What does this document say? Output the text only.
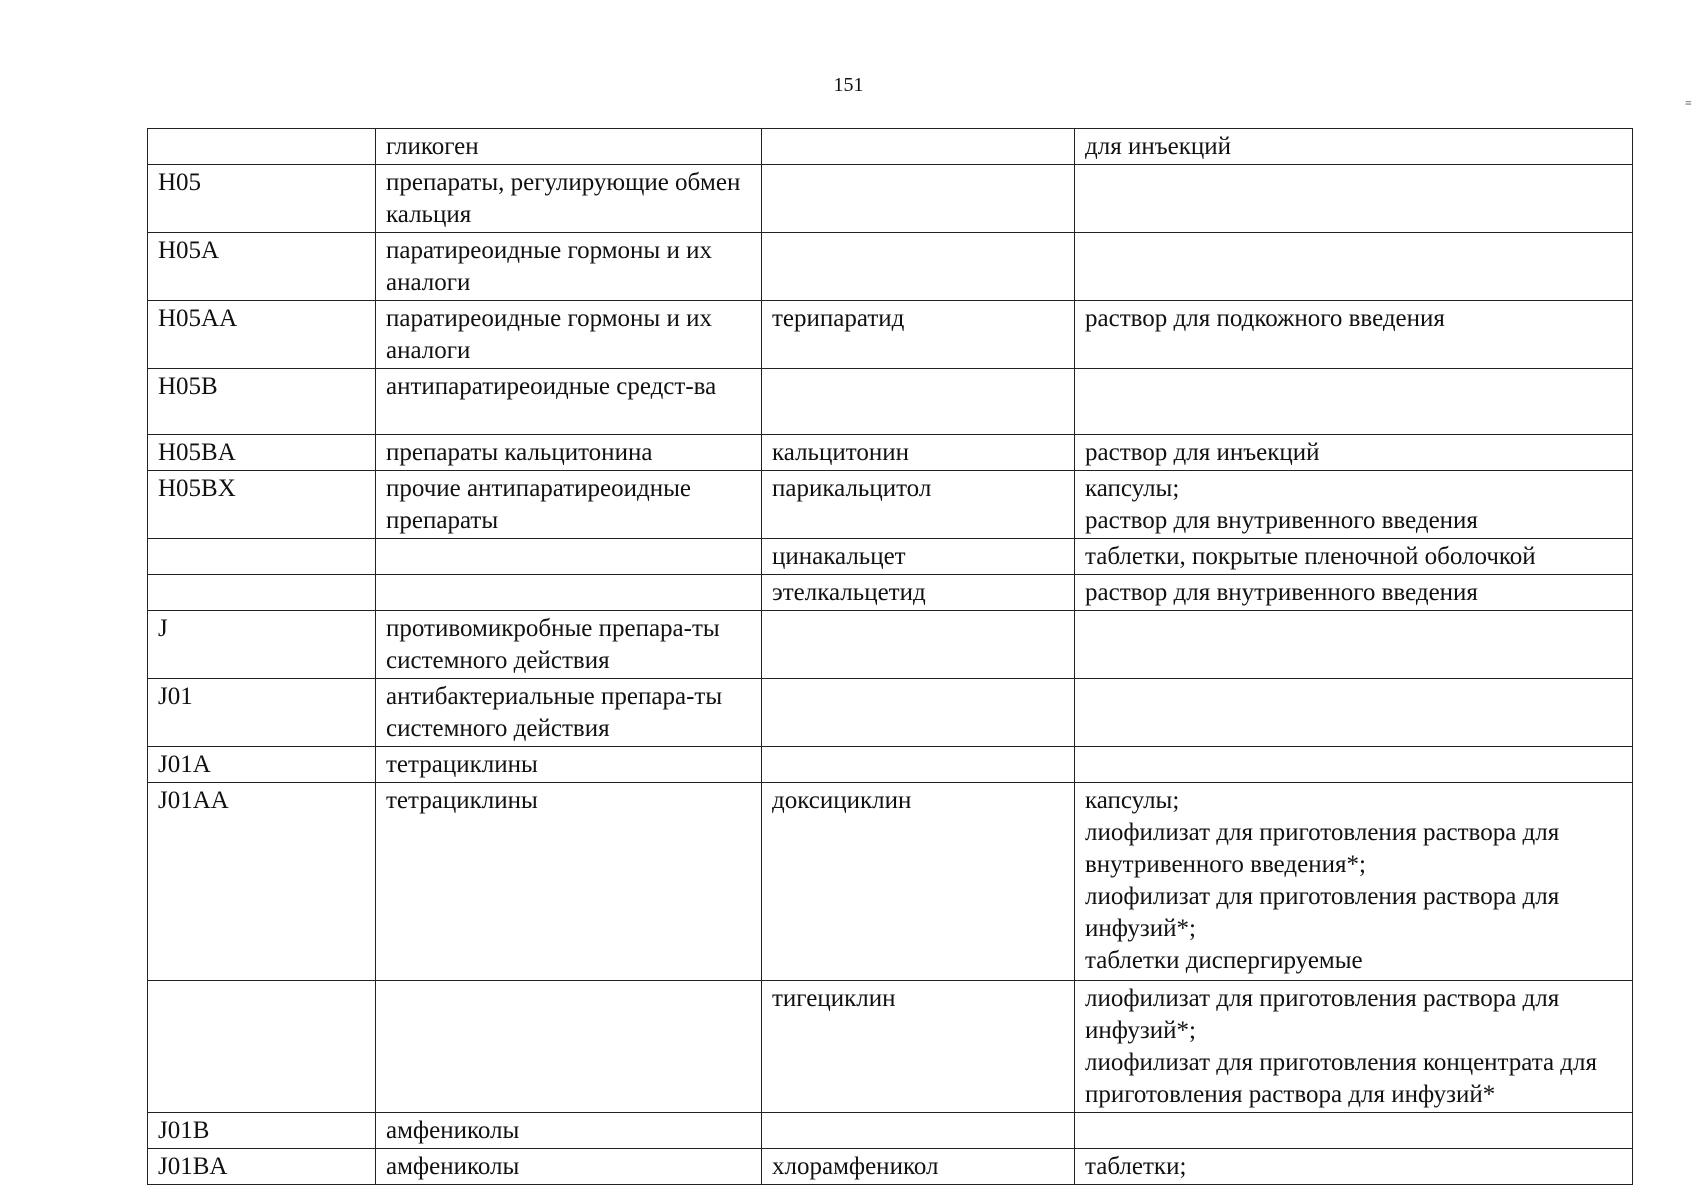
151
≡
	гликоген		для инъекций

H05	препараты, регулирующие обмен кальция		
H05A	паратиреоидные гормоны и их аналоги		
H05AA	паратиреоидные гормоны и их аналоги	терипаратид	раствор для подкожного введения

H05B	антипаратиреоидные средст-ва		
H05BA	препараты кальцитонина	кальцитонин	раствор для инъекций

H05BX	прочие антипаратиреоидные препараты	парикальцитол	капсулы;
раствор для внутривенного введения

		цинакальцет	таблетки, покрытые пленочной оболочкой

		этелкальцетид	раствор для внутривенного введения

J	противомикробные препара-ты системного действия		
J01	антибактериальные препара-ты системного действия		
J01A	тетрациклины		
J01AA	тетрациклины	доксициклин	капсулы;
лиофилизат для приготовления раствора для внутривенного введения*;
лиофилизат для приготовления раствора для инфузий*;
таблетки диспергируемые

		тигециклин	лиофилизат для приготовления раствора для инфузий*;
лиофилизат для приготовления концентрата для приготовления раствора для инфузий*

J01B	амфениколы		
J01BA	амфениколы	хлорамфеникол	таблетки;
